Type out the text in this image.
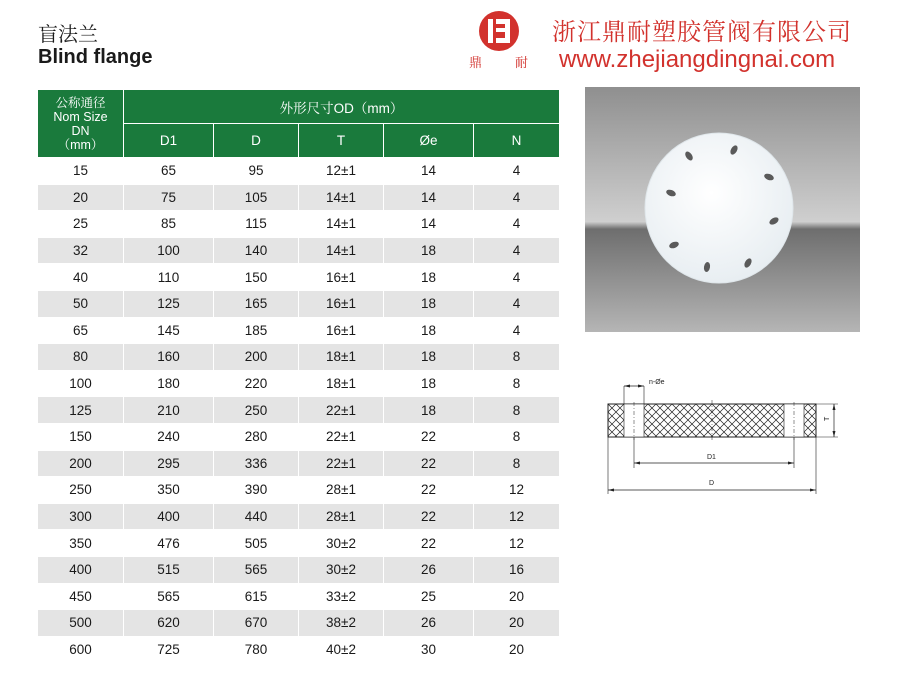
盲法兰
Blind flange	鼎	耐
浙江鼎耐塑胶管阀有限公司
www.zhejiangdingnai.com
公称通径
Nom Size
DN
（mm）	外形尺寸OD（mm）				
	D1	D	T	Øe	N
15	65	95	12±1	14	4
20	75	105	14±1	14	4
25	85	115	14±1	14	4
32	100	140	14±1	18	4
40	110	150	16±1	18	4
50	125	165	16±1	18	4
65	145	185	16±1	18	4
80	160	200	18±1	18	8
100	180	220	18±1	18	8
125	210	250	22±1	18	8
150	240	280	22±1	22	8
200	295	336	22±1	22	8
250	350	390	28±1	22	12
300	400	440	28±1	22	12
350	476	505	30±2	22	12
400	515	565	30±2	26	16
450	565	615	33±2	25	20
500	620	670	38±2	26	20
600	725	780	40±2	30	20
n-Øe
T
D1
D
